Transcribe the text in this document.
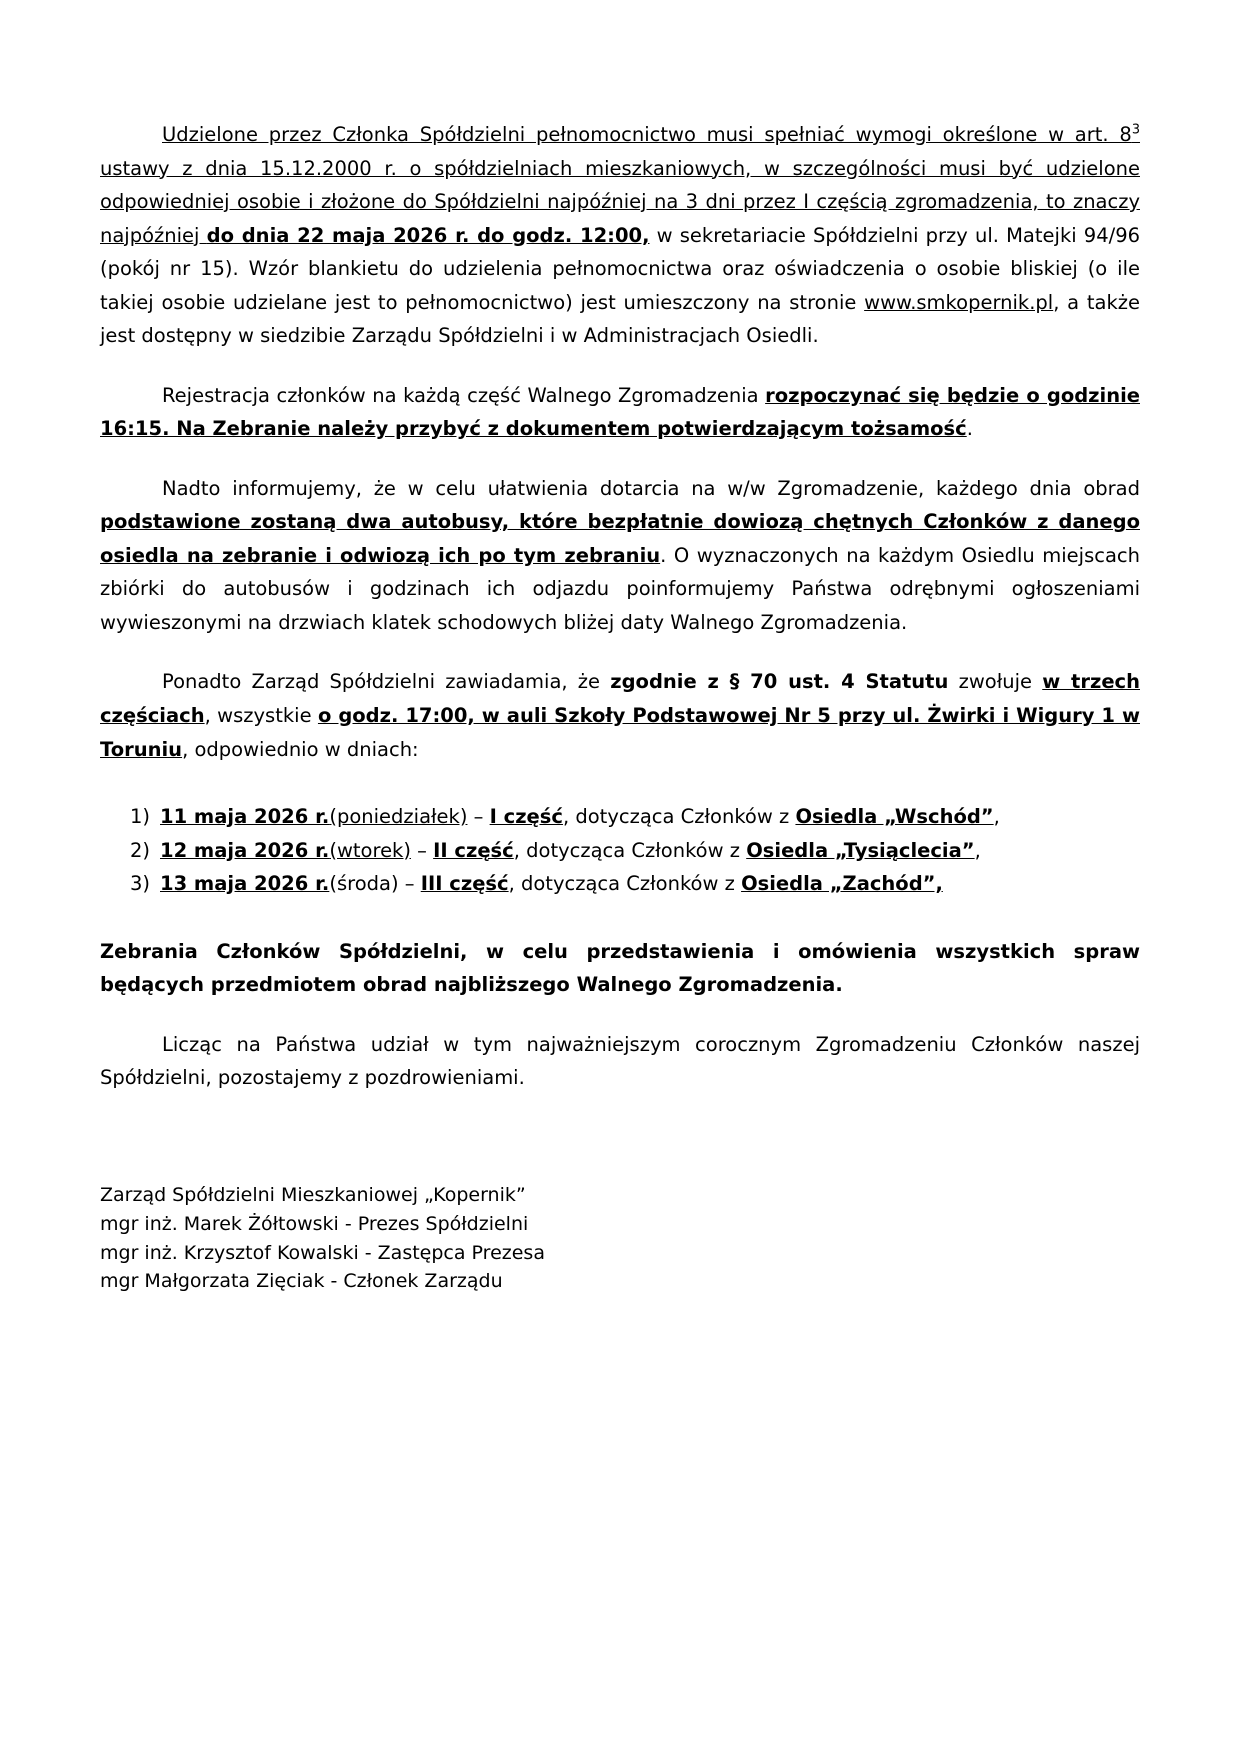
Udzielone przez Członka Spółdzielni pełnomocnictwo musi spełniać wymogi określone w art. $8^3$ ustawy z dnia 15.12.2000 r. o spółdzielniach mieszkaniowych, w szczególności musi być udzielone odpowiedniej osobie i złożone do Spółdzielni najpóźniej na 3 dni przez I częścią zgromadzenia, to znaczy najpóźniej do dnia 22 maja 2026 r. do godz. 12:00, w sekretariacie Spółdzielni przy ul. Matejki 94/96 (pokój nr 15). Wzór blankietu do udzielenia pełnomocnictwa oraz oświadczenia o osobie bliskiej (o ile takiej osobie udzielane jest to pełnomocnictwo) jest umieszczony na stronie www.smkopernik.pl, a także jest dostępny w siedzibie Zarządu Spółdzielni i w Administracjach Osiedli.

Rejestracja członków na każdą część Walnego Zgromadzenia rozpoczynać się będzie o godzinie 16:15. Na Zebranie należy przybyć z dokumentem potwierdzającym tożsamość.

Nadto informujemy, że w celu ułatwienia dotarcia na w/w Zgromadzenie, każdego dnia obrad podstawione zostaną dwa autobusy, które bezpłatnie dowiozą chętnych Członków z danego osiedla na zebranie i odwiozą ich po tym zebraniu. O wyznaczonych na każdym Osiedlu miejscach zbiórki do autobusów i godzinach ich odjazdu poinformujemy Państwa odrębnymi ogłoszeniami wywieszonymi na drzwiach klatek schodowych bliżej daty Walnego Zgromadzenia.

Ponadto Zarząd Spółdzielni zawiadamia, że zgodnie z § 70 ust. 4 Statutu zwołuje w trzech częściach, wszystkie o godz. 17:00, w auli Szkoły Podstawowej Nr 5 przy ul. Żwirki i Wigury 1 w Toruniu, odpowiednio w dniach:

1) 11 maja 2026 r.(poniedziałek) – I część, dotycząca Członków z Osiedla „Wschód”,
2) 12 maja 2026 r.(wtorek) – II część, dotycząca Członków z Osiedla „Tysiąclecia”,
3) 13 maja 2026 r.(środa) – III część, dotycząca Członków z Osiedla „Zachód”,

Zebrania Członków Spółdzielni, w celu przedstawienia i omówienia wszystkich spraw będących przedmiotem obrad najbliższego Walnego Zgromadzenia.

Licząc na Państwa udział w tym najważniejszym corocznym Zgromadzeniu Członków naszej Spółdzielni, pozostajemy z pozdrowieniami.

Zarząd Spółdzielni Mieszkaniowej „Kopernik”

mgr inż. Marek Żółtowski - Prezes Spółdzielni

mgr inż. Krzysztof Kowalski - Zastępca Prezesa

mgr Małgorzata Zięciak - Członek Zarządu
